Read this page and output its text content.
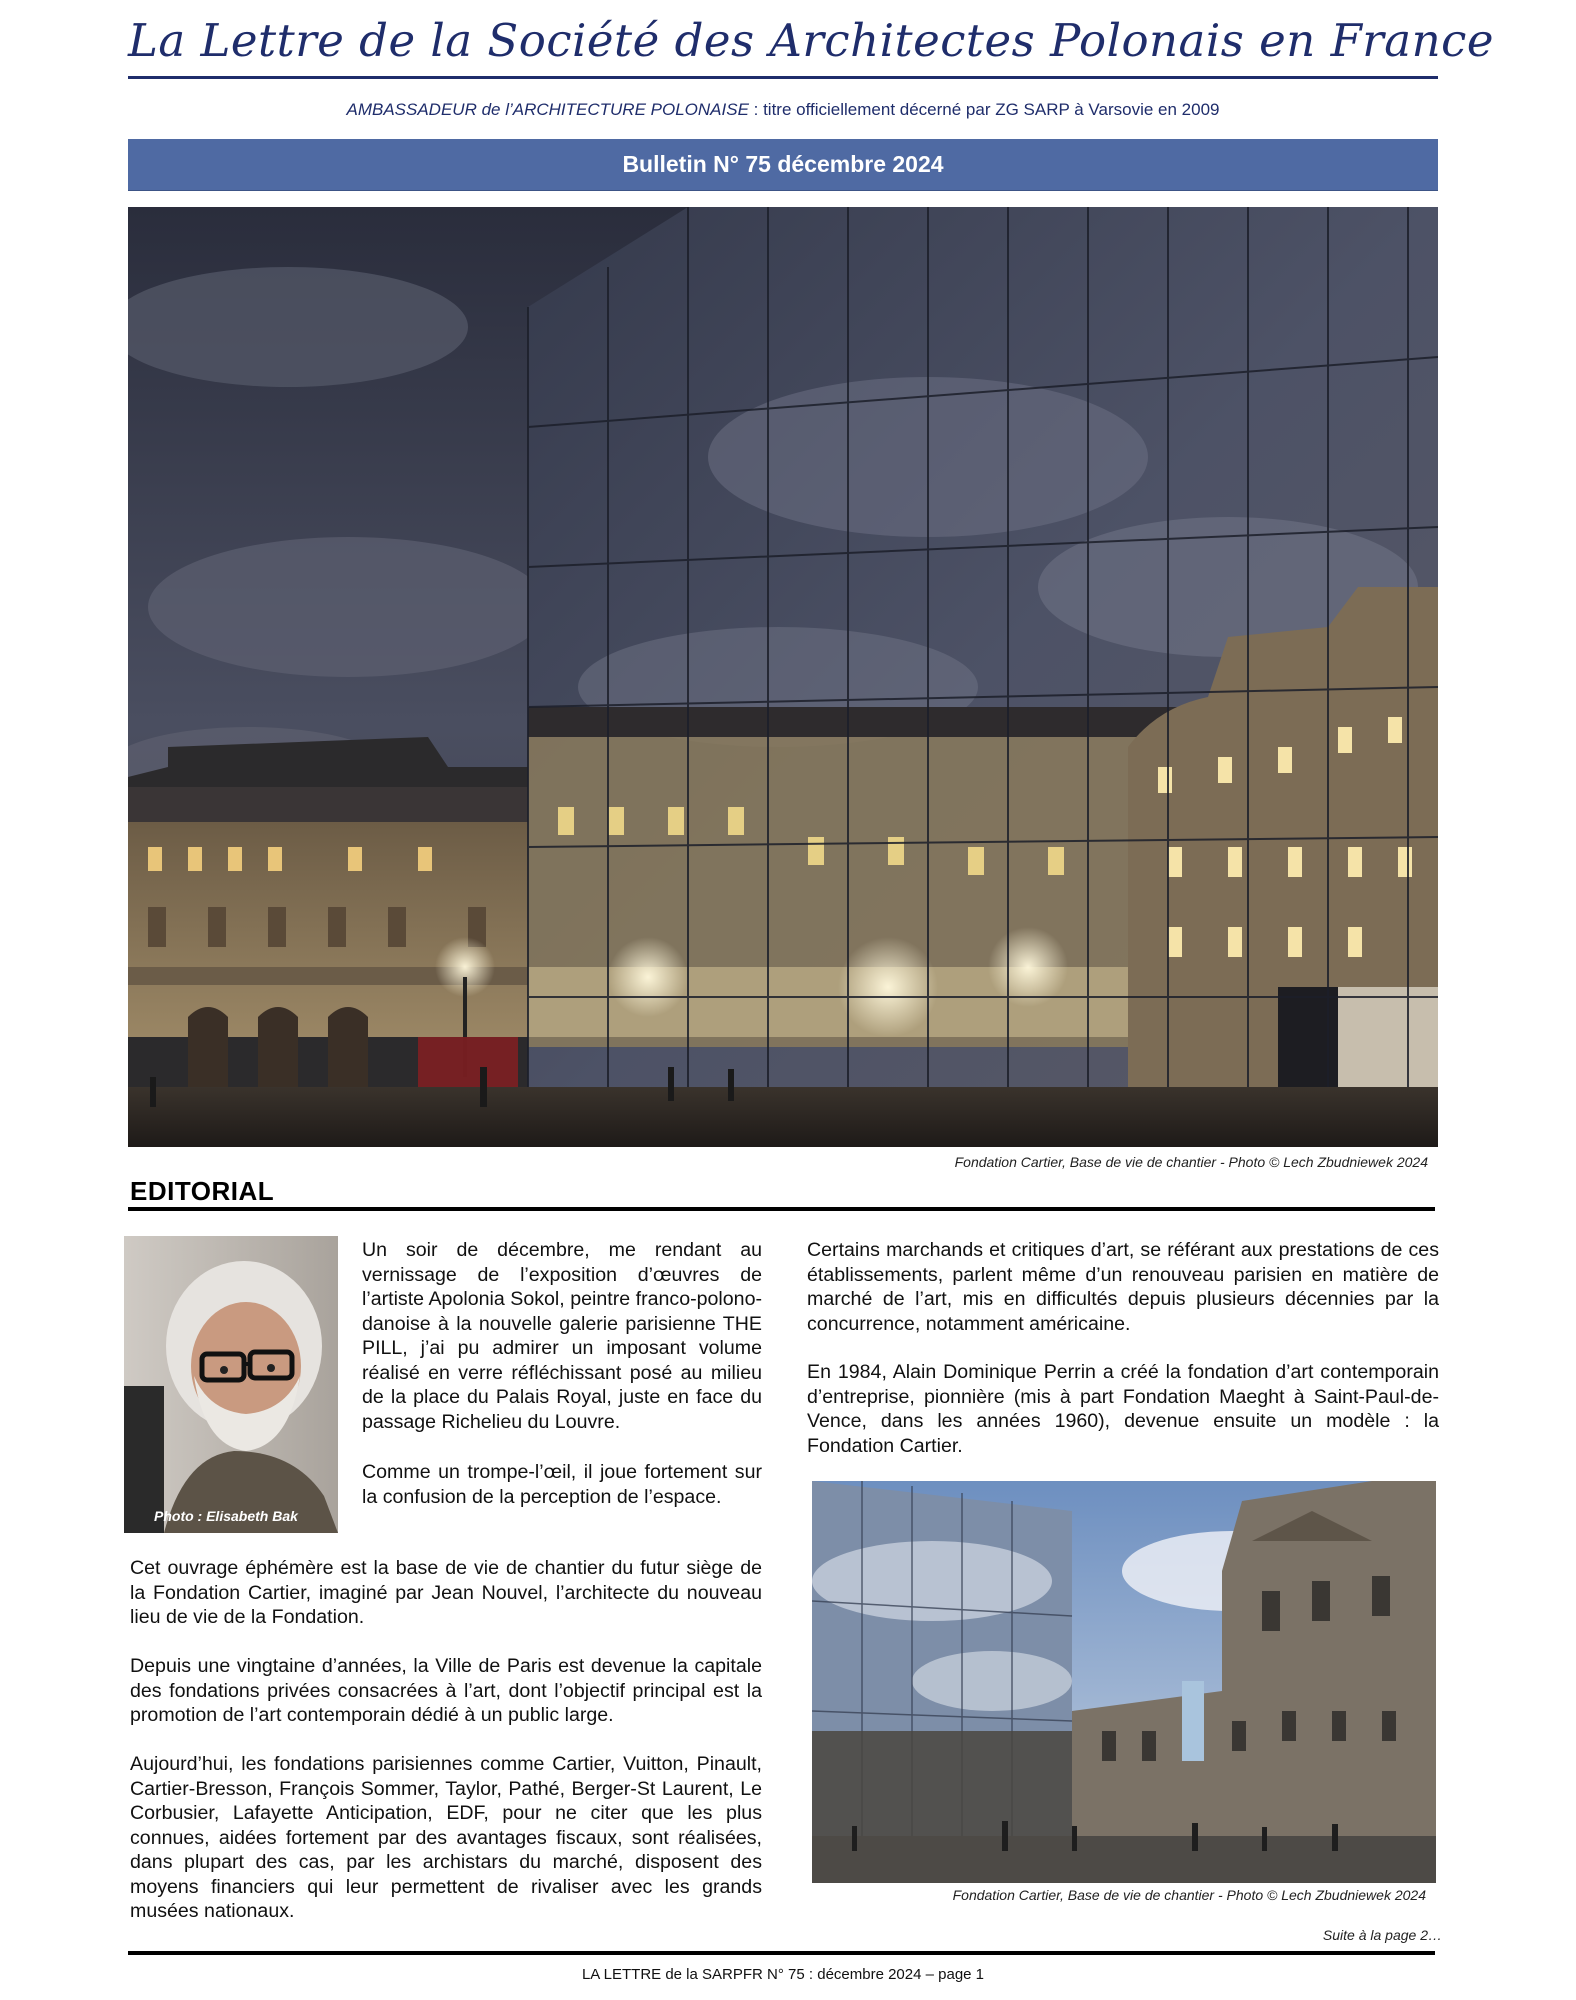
La Lettre de la Société des Architectes Polonais en France
AMBASSADEUR de l’ARCHITECTURE POLONAISE : titre officiellement décerné par ZG SARP à Varsovie en 2009
Bulletin N° 75 décembre 2024
Fondation Cartier, Base de vie de chantier - Photo © Lech Zbudniewek 2024
EDITORIAL
Photo : Elisabeth Bak

Un soir de décembre, me rendant au vernissage de l’exposition d’œuvres de l’artiste Apolonia Sokol, peintre franco-polono-danoise à la nouvelle galerie parisienne THE PILL, j’ai pu admirer un imposant volume réalisé en verre réfléchissant posé au milieu de la place du Palais Royal, juste en face du passage Richelieu du Louvre.

Comme un trompe-l’œil, il joue fortement sur la confusion de la perception de l’espace.

Cet ouvrage éphémère est la base de vie de chantier du futur siège de la Fondation Cartier, imaginé par Jean Nouvel, l’architecte du nouveau lieu de vie de la Fondation.

Depuis une vingtaine d’années, la Ville de Paris est devenue la capitale des fondations privées consacrées à l’art, dont l’objectif principal est la promotion de l’art contemporain dédié à un public large.

Aujourd’hui, les fondations parisiennes comme Cartier, Vuitton, Pinault, Cartier-Bresson, François Sommer, Taylor, Pathé, Berger-St Laurent, Le Corbusier, Lafayette Anticipation, EDF, pour ne citer que les plus connues, aidées fortement par des avantages fiscaux, sont réalisées, dans plupart des cas, par les archistars du marché, disposent des moyens financiers qui leur permettent de rivaliser avec les grands musées nationaux.

Certains marchands et critiques d’art, se référant aux prestations de ces établissements, parlent même d’un renouveau parisien en matière de marché de l’art, mis en difficultés depuis plusieurs décennies par la concurrence, notamment américaine.

En 1984, Alain Dominique Perrin a créé la fondation d’art contemporain d’entreprise, pionnière (mis à part Fondation Maeght à Saint-Paul-de-Vence, dans les années 1960), devenue ensuite un modèle : la Fondation Cartier.

Fondation Cartier, Base de vie de chantier - Photo © Lech Zbudniewek 2024
Suite à la page 2…
LA LETTRE de la SARPFR N° 75 : décembre 2024 – page 1
